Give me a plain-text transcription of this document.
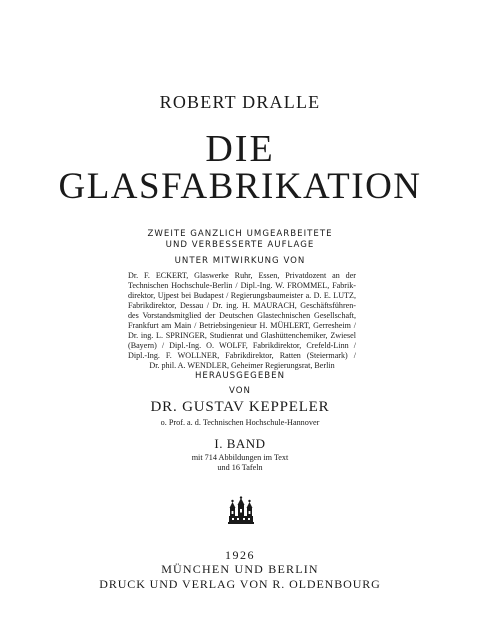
ROBERT DRALLE

DIE

GLASFABRIKATION

ZWEITE GANZLICH UMGEARBEITETE

UND VERBESSERTE AUFLAGE

UNTER MITWIRKUNG VON

Dr. F. ECKERT, Glaswerke Ruhr, Essen, Privatdozent an der

Technischen Hochschule-Berlin / Dipl.-Ing. W. FROMMEL, Fabrik-

direktor, Ujpest bei Budapest / Regierungsbaumeister a. D. E. LUTZ,

Fabrikdirektor, Dessau / Dr. ing. H. MAURACH, Geschäftsführen-

des Vorstandsmitglied der Deutschen Glastechnischen Gesellschaft,

Frankfurt am Main / Betriebsingenieur H. MÜHLERT, Gerresheim /

Dr. ing. L. SPRINGER, Studienrat und Glashüttenchemiker, Zwiesel

(Bayern) / Dipl.-Ing. O. WOLFF, Fabrikdirektor, Crefeld-Linn /

Dipl.-Ing. F. WOLLNER, Fabrikdirektor, Ratten (Steiermark) /

Dr. phil. A. WENDLER, Geheimer Regierungsrat, Berlin

HERAUSGEGEBEN

VON

DR. GUSTAV KEPPELER

o. Prof. a. d. Technischen Hochschule-Hannover

I. BAND

mit 714 Abbildungen im Text

und 16 Tafeln

1926

MÜNCHEN UND BERLIN

DRUCK UND VERLAG VON R. OLDENBOURG
